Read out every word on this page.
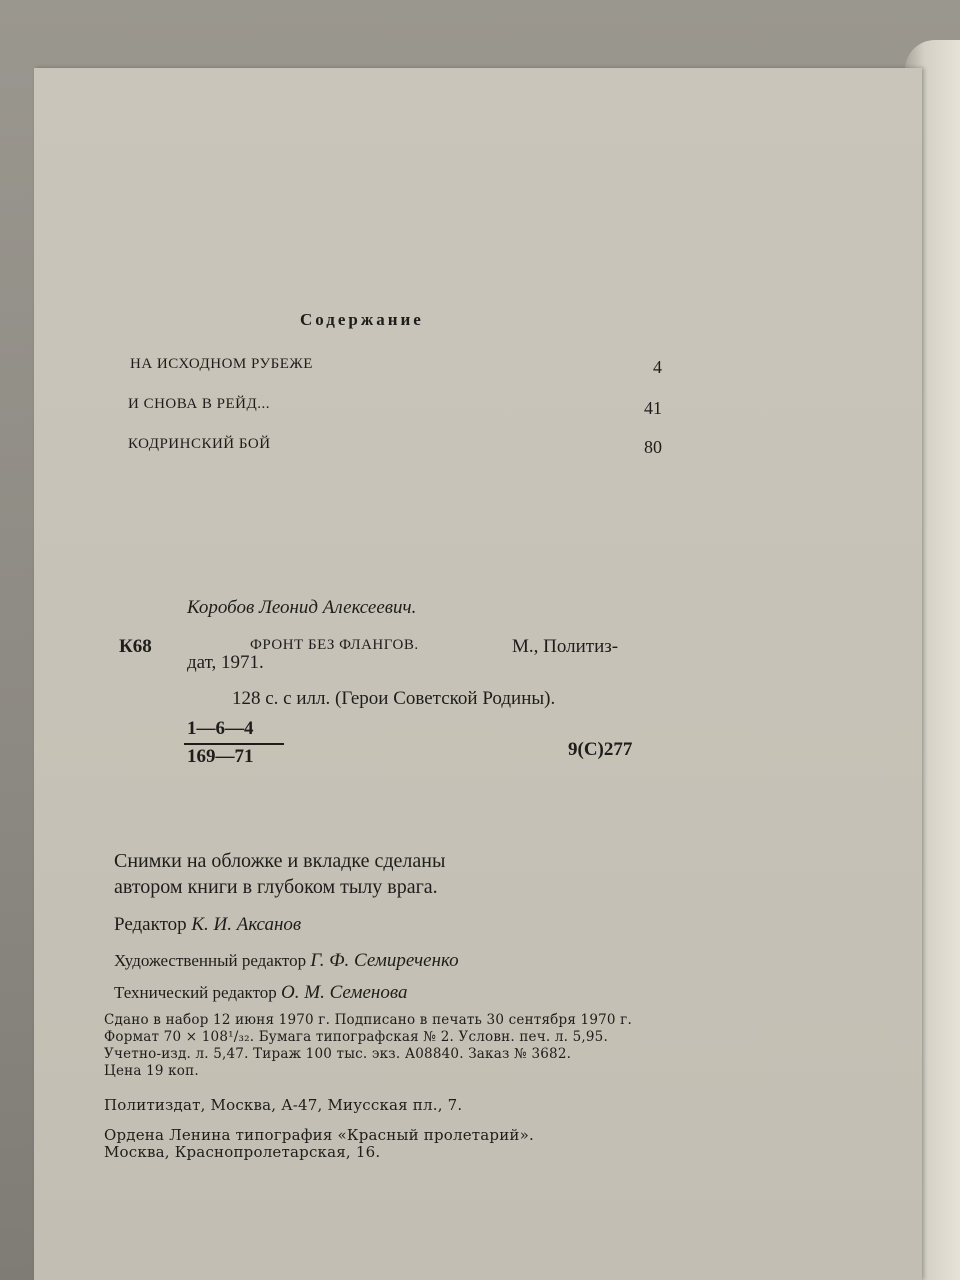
Содержание
НА ИСХОДНОМ РУБЕЖЕ	4
И СНОВА В РЕЙД...	41
КОДРИНСКИЙ БОЙ	80
Коробов Леонид Алексеевич.
К68	ФРОНТ БЕЗ ФЛАНГОВ.	М., Политиз-
дат, 1971.
128 с. с илл. (Герои Советской Родины).
1—6—4
169—71	9(С)277
Снимки на обложке и вкладке сделаны
автором книги в глубоком тылу врага.
Редактор К. И. Аксанов
Художественный редактор Г. Ф. Семиреченко
Технический редактор О. М. Семенова
Сдано в набор 12 июня 1970 г. Подписано в печать 30 сентября 1970 г.
Формат 70 × 108¹/₃₂. Бумага типографская № 2. Условн. печ. л. 5,95.
Учетно-изд. л. 5,47. Тираж 100 тыс. экз. А08840. Заказ № 3682.
Цена 19 коп.
Политиздат, Москва, А-47, Миусская пл., 7.
Ордена Ленина типография «Красный пролетарий».
Москва, Краснопролетарская, 16.
